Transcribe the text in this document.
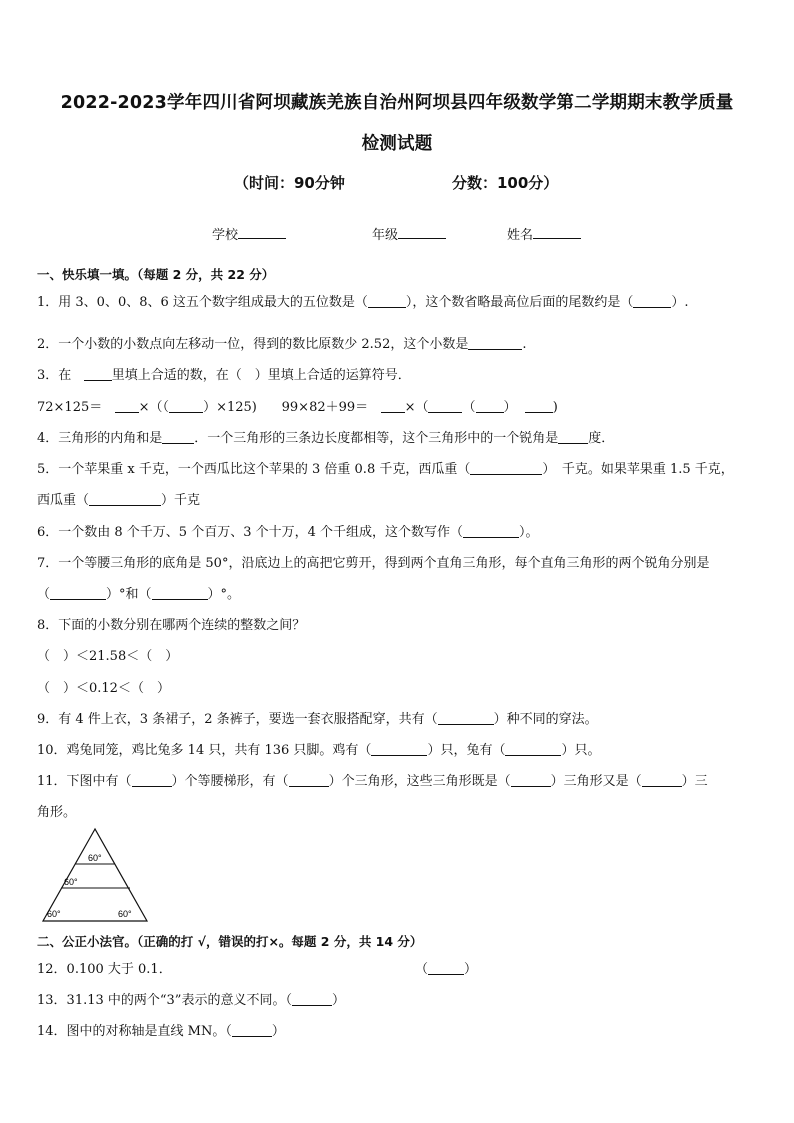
2022-2023学年四川省阿坝藏族羌族自治州阿坝县四年级数学第二学期期末教学质量
检测试题
（时间：90分钟	分数：100分）
学校	年级	姓名
一、快乐填一填。（每题 2 分，共 22 分）
1．用 3、0、0、8、6 这五个数字组成最大的五位数是（	），这个数省略最高位后面的尾数约是（	）.
2．一个小数的小数点向左移动一位，得到的数比原数少 2.52，这个小数是	.
3．在	里填上合适的数，在（　）里填上合适的运算符号．
72×125＝	×（（	）×125) 99×82＋99＝	×（	（ ）	)
4．三角形的内角和是 ．一个三角形的三条边长度都相等，这个三角形中的一个锐角是 度．
5．一个苹果重 x 千克，一个西瓜比这个苹果的 3 倍重 0.8 千克，西瓜重（	）　千克。如果苹果重 1.5 千克，
西瓜重（	）千克
6．一个数由 8 个千万、5 个百万、3 个十万，4 个千组成，这个数写作（	）。
7．一个等腰三角形的底角是 50°，沿底边上的高把它剪开，得到两个直角三角形，每个直角三角形的两个锐角分别是
（	）°和（	）°。
8．下面的小数分别在哪两个连续的整数之间？
（　）＜21.58＜（　）
（　）＜0.12＜（　）
9．有 4 件上衣，3 条裙子，2 条裤子，要选一套衣服搭配穿，共有（	）种不同的穿法。
10．鸡兔同笼，鸡比兔多 14 只，共有 136 只脚。鸡有（	）只，兔有（	）只。
11．下图中有（	）个等腰梯形，有（	）个三角形，这些三角形既是（	）三角形又是（	）三
角形。
60°
60°
60°	60°
二、公正小法官。（正确的打 √，错误的打×。每题 2 分，共 14 分）
12．0.100 大于 0.1．	（	）
13．31.13 中的两个“3”表示的意义不同。（	）
14．图中的对称轴是直线 MN。（	）
